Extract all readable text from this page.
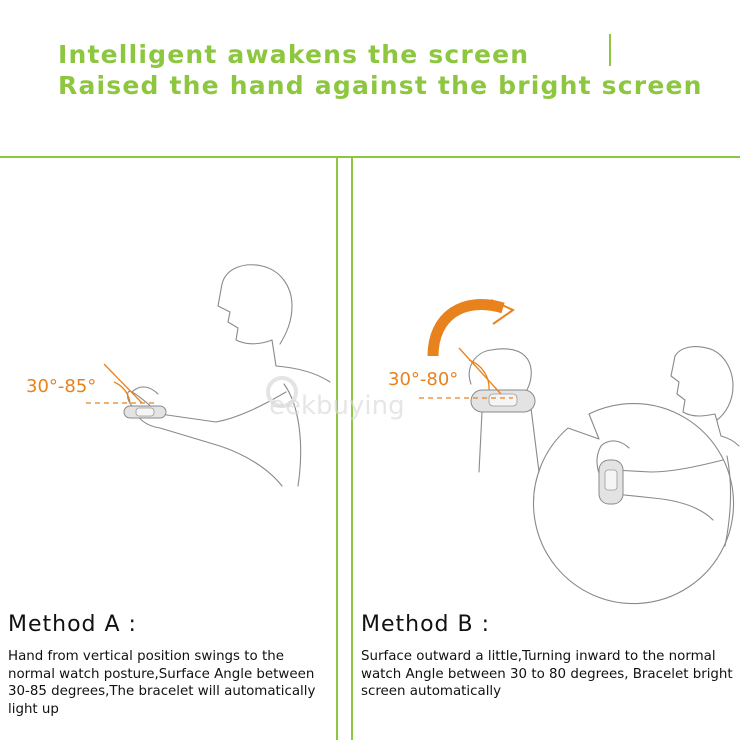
Intelligent awakens the screen
Raised the hand against the bright screen
30°-85°
Method A :

Hand from vertical position swings to the normal watch posture,Surface Angle between 30-85 degrees,The bracelet will automatically light up

eekbuying
30°-80°
Method B :

Surface outward a little,Turning inward to the normal watch Angle between 30 to 80 degrees, Bracelet bright screen automatically
